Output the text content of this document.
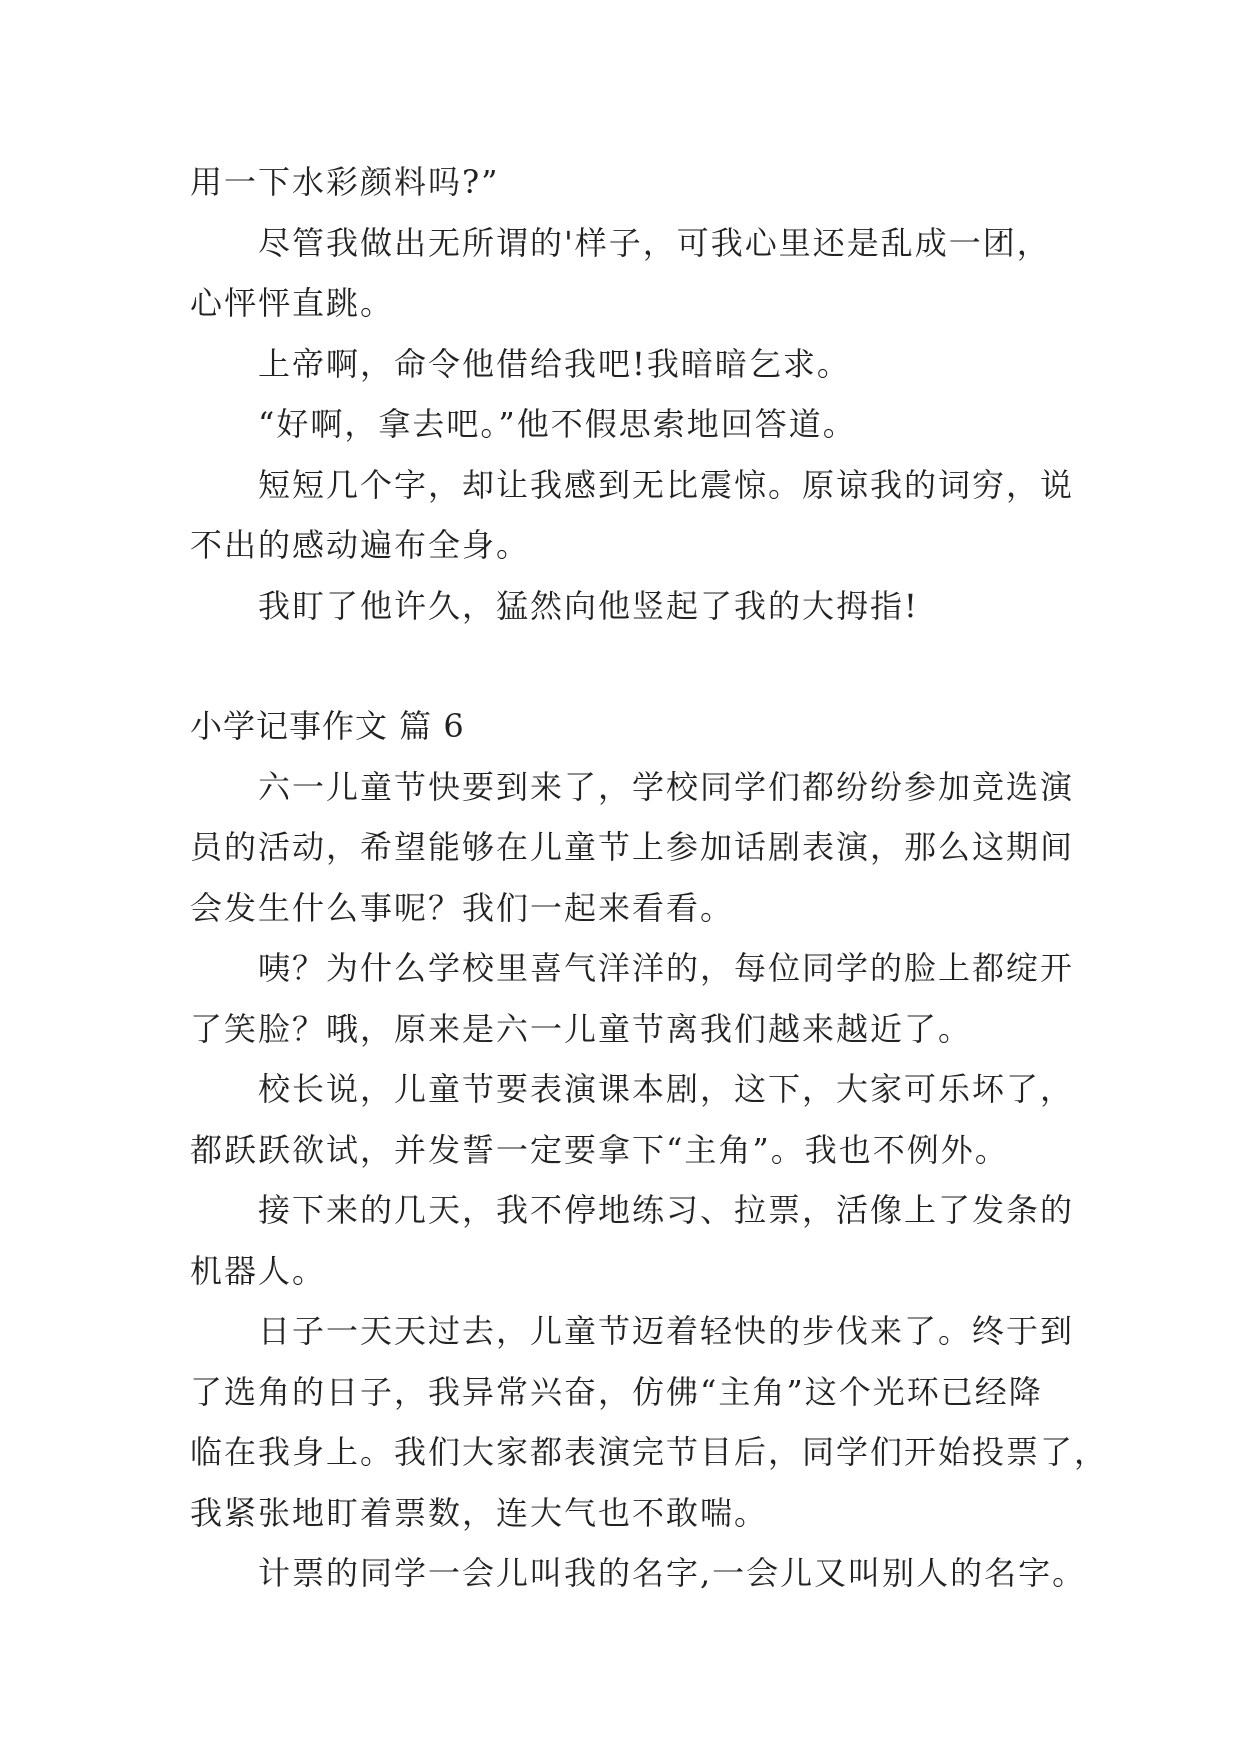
用一下水彩颜料吗?”
尽管我做出无所谓的'样子，可我心里还是乱成一团，
心怦怦直跳。
上帝啊，命令他借给我吧!我暗暗乞求。
“好啊，拿去吧。”他不假思索地回答道。
短短几个字，却让我感到无比震惊。原谅我的词穷，说
不出的感动遍布全身。
我盯了他许久，猛然向他竖起了我的大拇指!
小学记事作文 篇 6
六一儿童节快要到来了，学校同学们都纷纷参加竞选演
员的活动，希望能够在儿童节上参加话剧表演，那么这期间
会发生什么事呢？我们一起来看看。
咦？为什么学校里喜气洋洋的，每位同学的脸上都绽开
了笑脸？哦，原来是六一儿童节离我们越来越近了。
校长说，儿童节要表演课本剧，这下，大家可乐坏了，
都跃跃欲试，并发誓一定要拿下“主角”。我也不例外。
接下来的几天，我不停地练习、拉票，活像上了发条的
机器人。
日子一天天过去，儿童节迈着轻快的步伐来了。终于到
了选角的日子，我异常兴奋，仿佛“主角”这个光环已经降
临在我身上。我们大家都表演完节目后，同学们开始投票了，
我紧张地盯着票数，连大气也不敢喘。
计票的同学一会儿叫我的名字,一会儿又叫别人的名字。
